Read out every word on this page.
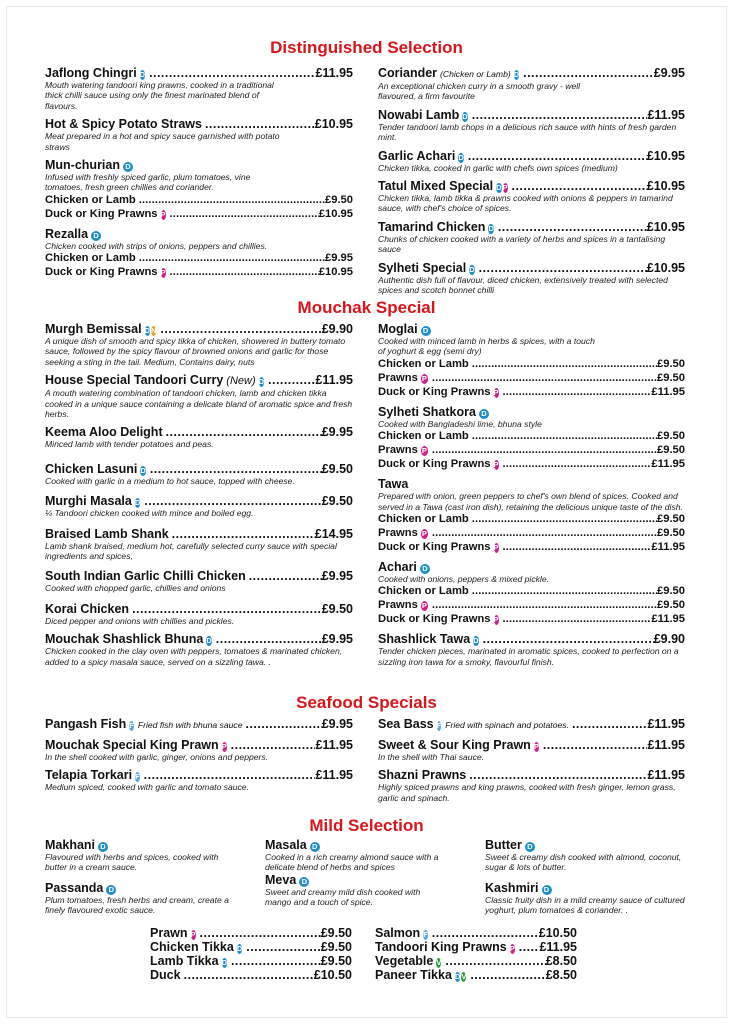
Distinguished Selection
Jaflong Chingri D . . .	£11.95
Mouth watering tandoori king prawns, cooked in a traditional thick chilli sauce using only the finest marinated blend of flavours.
Hot & Spicy Potato Straws . . .	£10.95
Meat prepared in a hot and spicy sauce garnished with potato straws
Mun-churian D
Infused with freshly spiced garlic, plum tomatoes, vine tomatoes, fresh green chillies and coriander.
Chicken or Lamb . . .	£9.50
Duck or King Prawns P . . .	£10.95
Rezalla D
Chicken cooked with strips of onions, peppers and chillies.
Chicken or Lamb . . .	£9.95
Duck or King Prawns P . . .	£10.95
Coriander (Chicken or Lamb) D . . .	£9.95
An exceptional chicken curry in a smooth gravy - well flavoured, a firm favourite
Nowabi Lamb D . . .	£11.95
Tender tandoori lamb chops in a delicious rich sauce with hints of fresh garden mint.
Garlic Achari D . . .	£10.95
Chicken tikka, cooked in garlic with chefs own spices (medium)
Tatul Mixed Special D P . . .	£10.95
Chicken tikka, lamb tikka & prawns cooked with onions & peppers in tamarind sauce, with chef's choice of spices.
Tamarind Chicken D . . .	£10.95
Chunks of chicken cooked with a variety of herbs and spices in a tantalising sauce
Sylheti Special D . . .	£10.95
Authentic dish full of flavour, diced chicken, extensively treated with selected spices and scotch bonnet chilli
Mouchak Special
Murgh Bemissal D N . . .	£9.90
A unique dish of smooth and spicy tikka of chicken, showered in buttery tomato sauce, followed by the spicy flavour of browned onions and garlic for those seeking a sting in the tail. Medium, Contains dairy, nuts
House Special Tandoori Curry (New) D . . .	£11.95
A mouth watering combination of tandoori chicken, lamb and chicken tikka cooked in a unique sauce containing a delicate bland of aromatic spice and fresh herbs.
Keema Aloo Delight . . .	£9.95
Minced lamb with tender potatoes and peas.
Chicken Lasuni D . . .	£9.50
Cooked with garlic in a medium to hot sauce, topped with cheese.
Murghi Masala D . . .	£9.50
¼ Tandoori chicken cooked with mince and boiled egg.
Braised Lamb Shank . . .	£14.95
Lamb shank braised, medium hot, carefully selected curry sauce with special ingredients and spices,
South Indian Garlic Chilli Chicken . . .	£9.95
Cooked with chopped garlic, chillies and onions
Korai Chicken . . .	£9.50
Diced pepper and onions with chillies and pickles.
Mouchak Shashlick Bhuna D . . .	£9.95
Chicken cooked in the clay oven with peppers, tomatoes & marinated chicken, added to a spicy masala sauce, served on a sizzling tawa. .
Moglai D
Cooked with minced lamb in herbs & spices, with a touch of yoghurt & egg (semi dry)
Chicken or Lamb . . .	£9.50
Prawns P . . .	£9.50
Duck or King Prawns P . . .	£11.95
Sylheti Shatkora D
Cooked with Bangladeshi lime, bhuna style
Chicken or Lamb . . .	£9.50
Prawns P . . .	£9.50
Duck or King Prawns P . . .	£11.95
Tawa
Prepared with onion, green peppers to chef's own blend of spices. Cooked and served in a Tawa (cast iron dish), retaining the delicious unique taste of the dish.
Chicken or Lamb . . .	£9.50
Prawns P . . .	£9.50
Duck or King Prawns P . . .	£11.95
Achari D
Cooked with onions, peppers & mixed pickle.
Chicken or Lamb . . .	£9.50
Prawns P . . .	£9.50
Duck or King Prawns P . . .	£11.95
Shashlick Tawa D . . .	£9.90
Tender chicken pieces, marinated in aromatic spices, cooked to perfection on a sizzling iron tawa for a smoky, flavourful finish.
Seafood Specials
Pangash Fish F Fried fish with bhuna sauce . . .	£9.95
Mouchak Special King Prawn P . . .	£11.95
In the shell cooked with garlic, ginger, onions and peppers.
Telapia Torkari F . . .	£11.95
Medium spiced, cooked with garlic and tomato sauce.
Sea Bass F Fried with spinach and potatoes. . . .	£11.95
Sweet & Sour King Prawn P . . .	£11.95
In the shell with Thai sauce.
Shazni Prawns . . .	£11.95
Highly spiced prawns and king prawns, cooked with fresh ginger, lemon grass, garlic and spinach.
Mild Selection
Makhani D
Flavoured with herbs and spices, cooked with butter in a cream sauce.
Passanda D
Plum tomatoes, fresh herbs and cream, create a finely flavoured exotic sauce.
Masala D
Cooked in a rich creamy almond sauce with a delicate blend of herbs and spices
Meva D
Sweet and creamy mild dish cooked with mango and a touch of spice.
Butter D
Sweet & creamy dish cooked with almond, coconut, sugar & lots of butter.
Kashmiri D
Classic fruity dish in a mild creamy sauce of cultured yoghurt, plum tomatoes & coriander. .
Prawn P . . .	£9.50
Chicken Tikka D . . .	£9.50
Lamb Tikka D . . .	£9.50
Duck . . .	£10.50
Salmon F . . .	£10.50
Tandoori King Prawns P . . . £11.95
Vegetable V . . .	£8.50
Paneer Tikka D V . . .	£8.50
